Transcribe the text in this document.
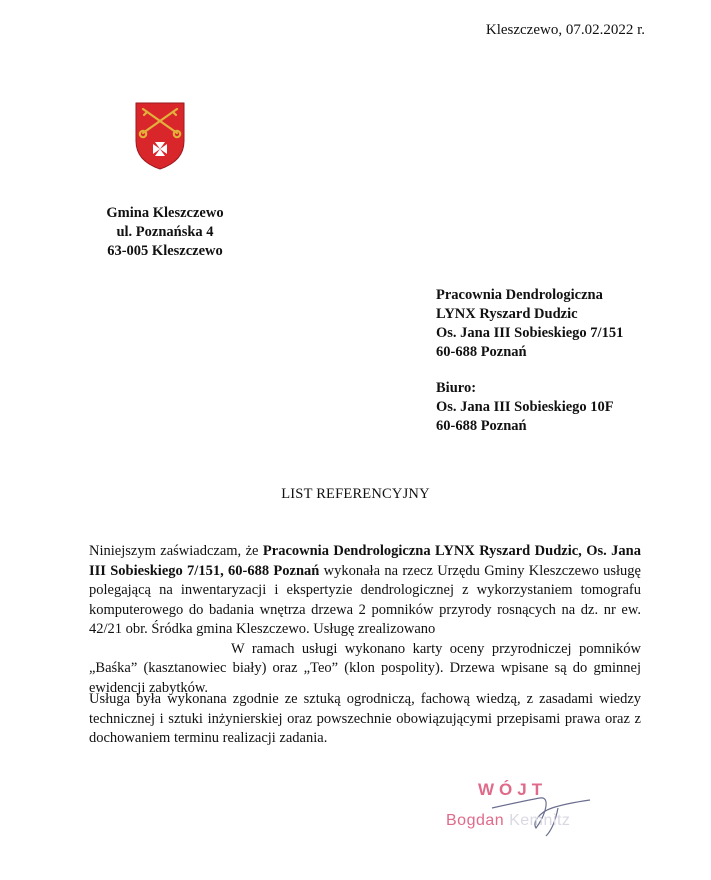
Kleszczewo, 07.02.2022 r.
Gmina Kleszczewo
ul. Poznańska 4
63-005 Kleszczewo
Pracownia Dendrologiczna
LYNX Ryszard Dudzic
Os. Jana III Sobieskiego 7/151
60-688 Poznań
Biuro:
Os. Jana III Sobieskiego 10F
60-688 Poznań
LIST REFERENCYJNY
Niniejszym zaświadczam, że Pracownia Dendrologiczna LYNX Ryszard Dudzic, Os. Jana III Sobieskiego 7/151, 60-688 Poznań wykonała na rzecz Urzędu Gminy Kleszczewo usługę polegającą na inwentaryzacji i ekspertyzie dendrologicznej z wykorzystaniem tomografu komputerowego do badania wnętrza drzewa 2 pomników przyrody rosnących na dz. nr ew. 42/21 obr. Śródka gmina Kleszczewo. Usługę zrealizowano
W ramach usługi wykonano karty oceny przyrodniczej pomników „Baśka” (kasztanowiec biały) oraz „Teo” (klon pospolity). Drzewa wpisane są do gminnej ewidencji zabytków.
Usługa była wykonana zgodnie ze sztuką ogrodniczą, fachową wiedzą, z zasadami wiedzy technicznej i sztuki inżynierskiej oraz powszechnie obowiązującymi przepisami prawa oraz z dochowaniem terminu realizacji zadania.
WÓJT
Bogdan Kemnitz
